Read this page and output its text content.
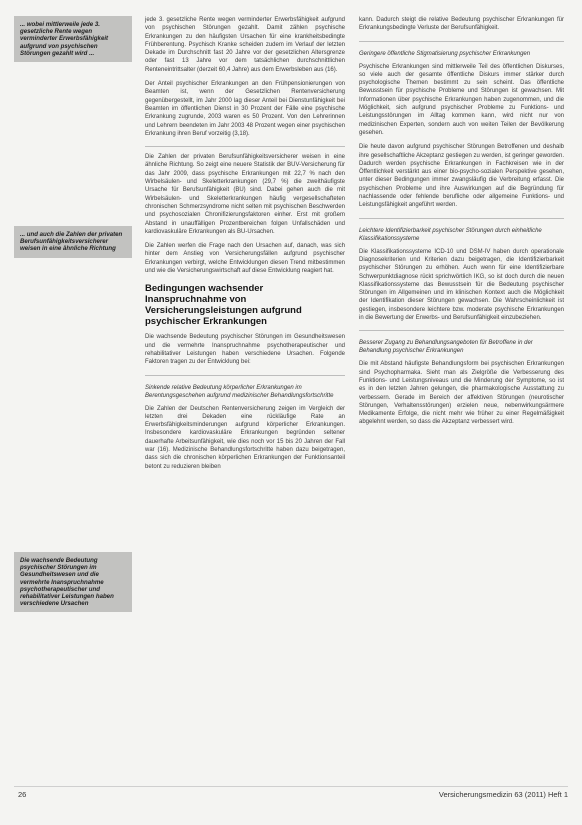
... wobei mittlerweile jede 3. gesetzliche Rente wegen verminderter Erwerbsfähigkeit aufgrund von psychischen Störungen gezahlt wird ...
... und auch die Zahlen der privaten Berufsunfähigkeitsversicherer weisen in eine ähnliche Richtung
Die wachsende Bedeutung psychischer Störungen im Gesundheitswesen und die vermehrte Inanspruchnahme psychotherapeutischer und rehabilitativer Leistungen haben verschiedene Ursachen

jede 3. gesetzliche Rente wegen verminderter Erwerbsfähigkeit aufgrund von psychischen Störungen gezahlt. Damit zählen psychische Erkrankungen zu den häufigsten Ursachen für eine krankheitsbedingte Frühberentung. Psychisch Kranke scheiden zudem im Verlauf der letzten Dekade im Durchschnitt fast 20 Jahre vor der gesetzlichen Altersgrenze oder fast 13 Jahre vor dem tatsächlichen durchschnittlichen Renteneintrittsalter (derzeit 60,4 Jahre) aus dem Erwerbsleben aus (16).

Der Anteil psychischer Erkrankungen an den Frühpensionierungen von Beamten ist, wenn der Gesetzlichen Rentenversicherung gegenübergestellt, im Jahr 2000 lag dieser Anteil bei Dienstunfähigkeit bei Beamten im öffentlichen Dienst in 30 Prozent der Fälle eine psychische Erkrankung zugrunde, 2003 waren es 50 Prozent. Von den Lehrerinnen und Lehrern beendeten im Jahr 2003 48 Prozent wegen einer psychischen Erkrankung ihren Beruf vorzeitig (3,18).

Die Zahlen der privaten Berufsunfähigkeitsversicherer weisen in eine ähnliche Richtung. So zeigt eine neuere Statistik der BUV-Versicherung für das Jahr 2009, dass psychische Erkrankungen mit 22,7 % nach den Wirbelsäulen- und Skeletterkrankungen (29,7 %) die zweithäufigste Ursache für Berufsunfähigkeit (BU) sind. Dabei gehen auch die mit Wirbelsäulen- und Skeletterkrankungen häufig vergesellschafteten chronischen Schmerzsyndrome nicht selten mit psychischen Beschwerden und psychosozialen Chronifizierungsfaktoren einher. Erst mit großem Abstand in unauffälligen Prozentbereichen folgen Unfallschäden und kardiovaskuläre Erkrankungen als BU-Ursachen.

Die Zahlen werfen die Frage nach den Ursachen auf, danach, was sich hinter dem Anstieg von Versicherungsfällen aufgrund psychischer Erkrankungen verbirgt, welche Entwicklungen diesen Trend mitbestimmen und wie die Versicherungswirtschaft auf diese Entwicklung reagiert hat.

Bedingungen wachsender Inanspruchnahme von Versicherungsleistungen aufgrund psychischer Erkrankungen

Die wachsende Bedeutung psychischer Störungen im Gesundheitswesen und die vermehrte Inanspruchnahme psychotherapeutischer und rehabilitativer Leistungen haben verschiedene Ursachen. Folgende Faktoren tragen zu der Entwicklung bei:

Sinkende relative Bedeutung körperlicher Erkrankungen im Berentungsgeschehen aufgrund medizinischer Behandlungsfortschritte

Die Zahlen der Deutschen Rentenversicherung zeigen im Vergleich der letzten drei Dekaden eine rückläufige Rate an Erwerbsfähigkeitsminderungen aufgrund körperlicher Erkrankungen. Insbesondere kardiovaskuläre Erkrankungen begründen seltener dauerhafte Arbeitsunfähigkeit, wie dies noch vor 15 bis 20 Jahren der Fall war (16). Medizinische Behandlungsfortschritte haben dazu beigetragen, dass sich die chronischen körperlichen Erkrankungen der Funktionsanteil betont zu reduzieren bleiben

kann. Dadurch steigt die relative Bedeutung psychischer Erkrankungen für Erkrankungsbedingte Verluste der Berufsunfähigkeit.

Geringere öffentliche Stigmatisierung psychischer Erkrankungen

Psychische Erkrankungen sind mittlerweile Teil des öffentlichen Diskurses, so viele auch der gesamte öffentliche Diskurs immer stärker durch psychologische Themen bestimmt zu sein scheint. Das öffentliche Bewusstsein für psychische Probleme und Störungen ist gewachsen. Mit Informationen über psychische Erkrankungen haben zugenommen, und die Möglichkeit, sich aufgrund psychischer Probleme zu Funktions- und Leistungsstörungen im Alltag kommen kann, wird nicht nur von medizinischen Experten, sondern auch von weiten Teilen der Bevölkerung gesehen.

Die heute davon aufgrund psychischer Störungen Betroffenen und deshalb ihre gesellschaftliche Akzeptanz gestiegen zu werden, ist geringer geworden. Dadurch werden psychische Erkrankungen in Fachkreisen wie in der Öffentlichkeit verstärkt aus einer bio-psycho-sozialen Perspektive gesehen, unter dieser Bedingungen immer zwangsläufig die Verbreitung erfasst. Die psychischen Probleme und ihre Auswirkungen auf die Begründung für nachlassende oder fehlende berufliche oder allgemeine Funktions- und Leistungsfähigkeit angeführt werden.

Leichtere Identifizierbarkeit psychischer Störungen durch einheitliche Klassifikationssysteme

Die Klassifikationssysteme ICD-10 und DSM-IV haben durch operationale Diagnosekriterien und Kriterien dazu beigetragen, die Identifizierbarkeit psychischer Störungen zu erhöhen. Auch wenn für eine Identifizierbare Schwerpunktdiagnose rückt sprichwörtlich IKG, so ist doch durch die neuen Klassifikationssysteme das Bewusstsein für die Bedeutung psychischer Störungen im Allgemeinen und im klinischen Kontext auch die Möglichkeit der Identifikation dieser Störungen gewachsen. Die Wahrscheinlichkeit ist gestiegen, insbesondere leichtere bzw. moderate psychische Erkrankungen in die Bewertung der Erwerbs- und Berufsunfähigkeit einzubeziehen.

Besserer Zugang zu Behandlungsangeboten für Betroffene in der Behandlung psychischer Erkrankungen

Die mit Abstand häufigste Behandlungsform bei psychischen Erkrankungen sind Psychopharmaka. Sieht man als Zielgröße die Verbesserung des Funktions- und Leistungsniveaus und die Minderung der Symptome, so ist es in den letzten Jahren gelungen, die pharmakologische Ausstattung zu verbessern. Gerade im Bereich der affektiven Störungen (neurotischer Störungen, Verhaltensstörungen) erzielen neue, nebenwirkungsärmere Medikamente Erfolge, die nicht mehr wie früher zu einer Regelmäßigkeit abgelehnt werden, so dass die Akzeptanz verbessert wird.

26	Versicherungsmedizin 63 (2011) Heft 1
